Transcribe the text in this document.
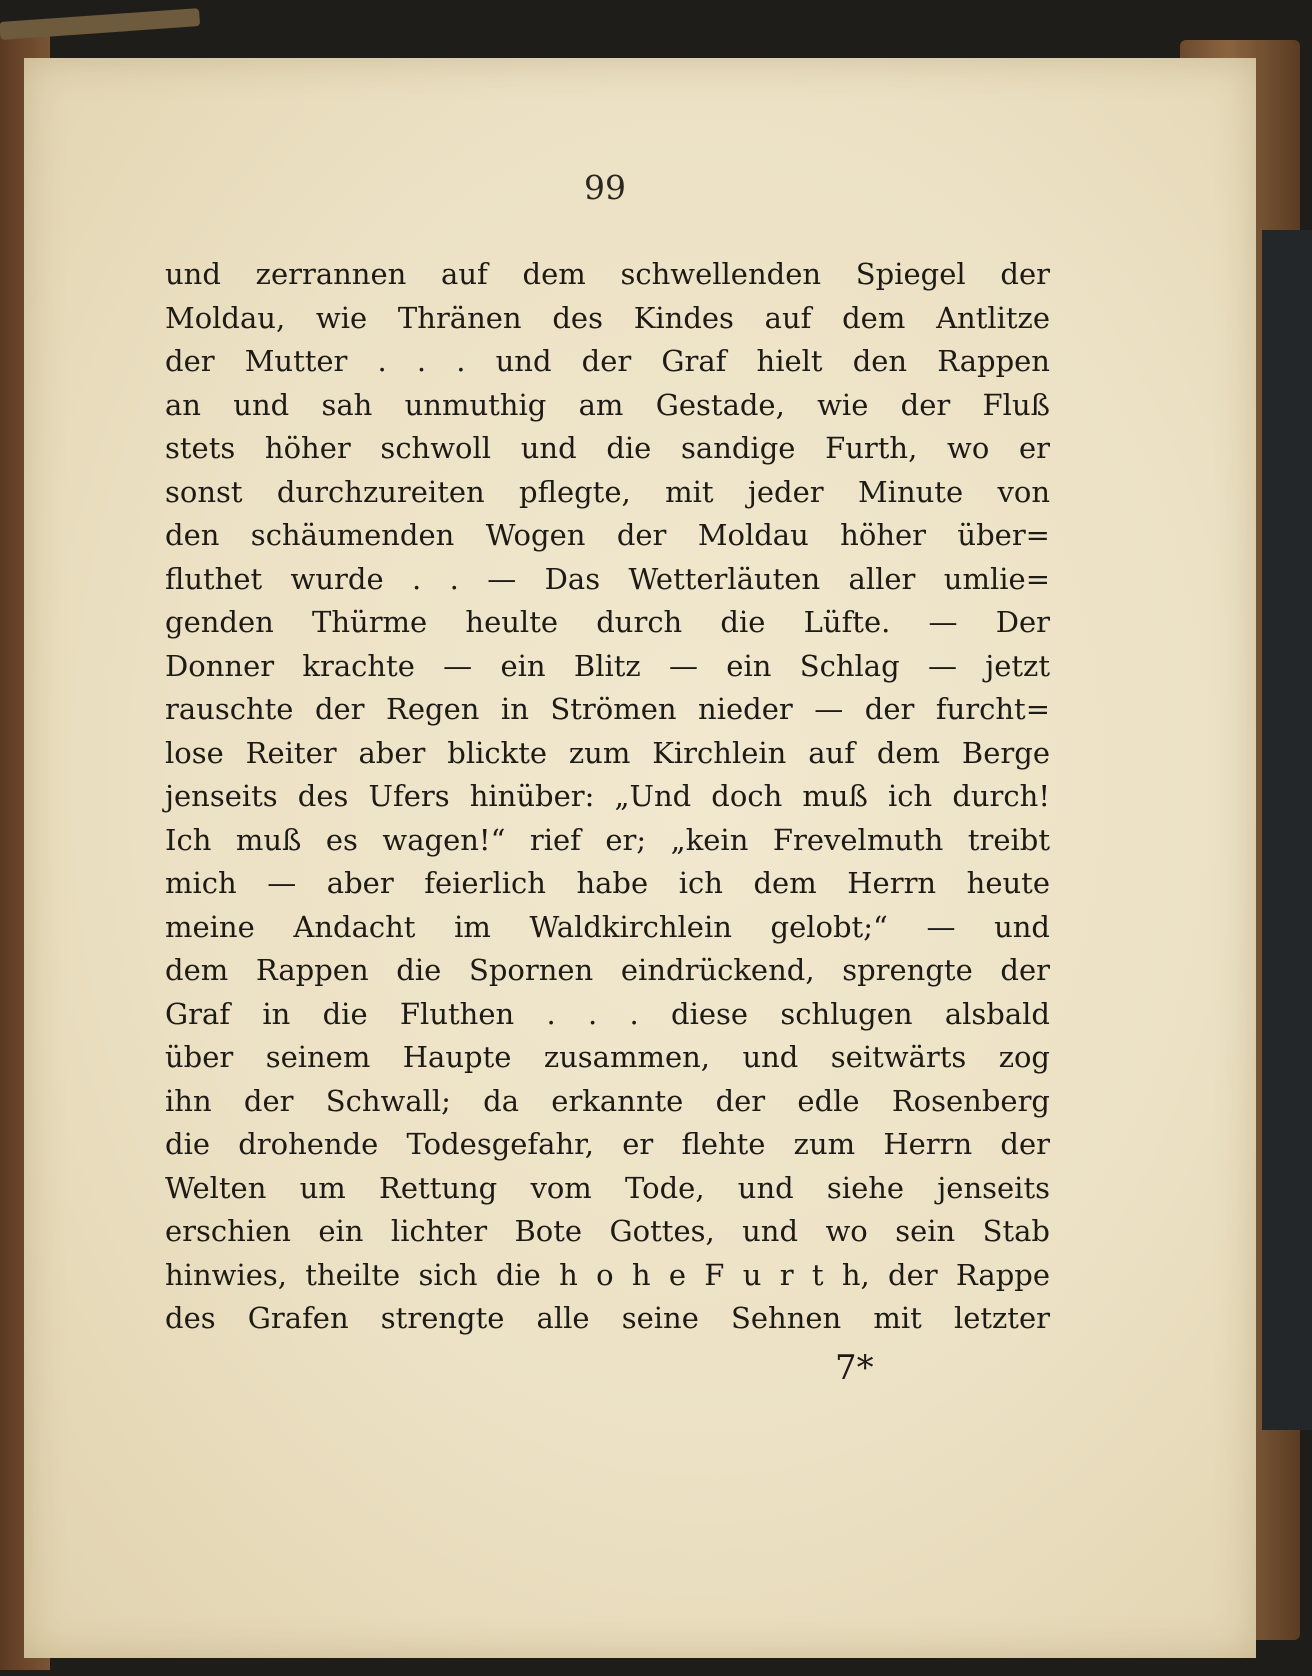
99
und zerrannen auf dem schwellenden Spiegel der
Moldau, wie Thränen des Kindes auf dem Antlitze
der Mutter . . . und der Graf hielt den Rappen
an und sah unmuthig am Gestade, wie der Fluß
stets höher schwoll und die sandige Furth, wo er
sonst durchzureiten pflegte, mit jeder Minute von
den schäumenden Wogen der Moldau höher über=
fluthet wurde . . — Das Wetterläuten aller umlie=
genden Thürme heulte durch die Lüfte. — Der
Donner krachte — ein Blitz — ein Schlag — jetzt
rauschte der Regen in Strömen nieder — der furcht=
lose Reiter aber blickte zum Kirchlein auf dem Berge
jenseits des Ufers hinüber: „Und doch muß ich durch!
Ich muß es wagen!“ rief er; „kein Frevelmuth treibt
mich — aber feierlich habe ich dem Herrn heute
meine Andacht im Waldkirchlein gelobt;“ — und
dem Rappen die Spornen eindrückend, sprengte der
Graf in die Fluthen . . . diese schlugen alsbald
über seinem Haupte zusammen, und seitwärts zog
ihn der Schwall; da erkannte der edle Rosenberg
die drohende Todesgefahr, er flehte zum Herrn der
Welten um Rettung vom Tode, und siehe jenseits
erschien ein lichter Bote Gottes, und wo sein Stab
hinwies, theilte sich die h o h e F u r t h, der Rappe
des Grafen strengte alle seine Sehnen mit letzter
7*
